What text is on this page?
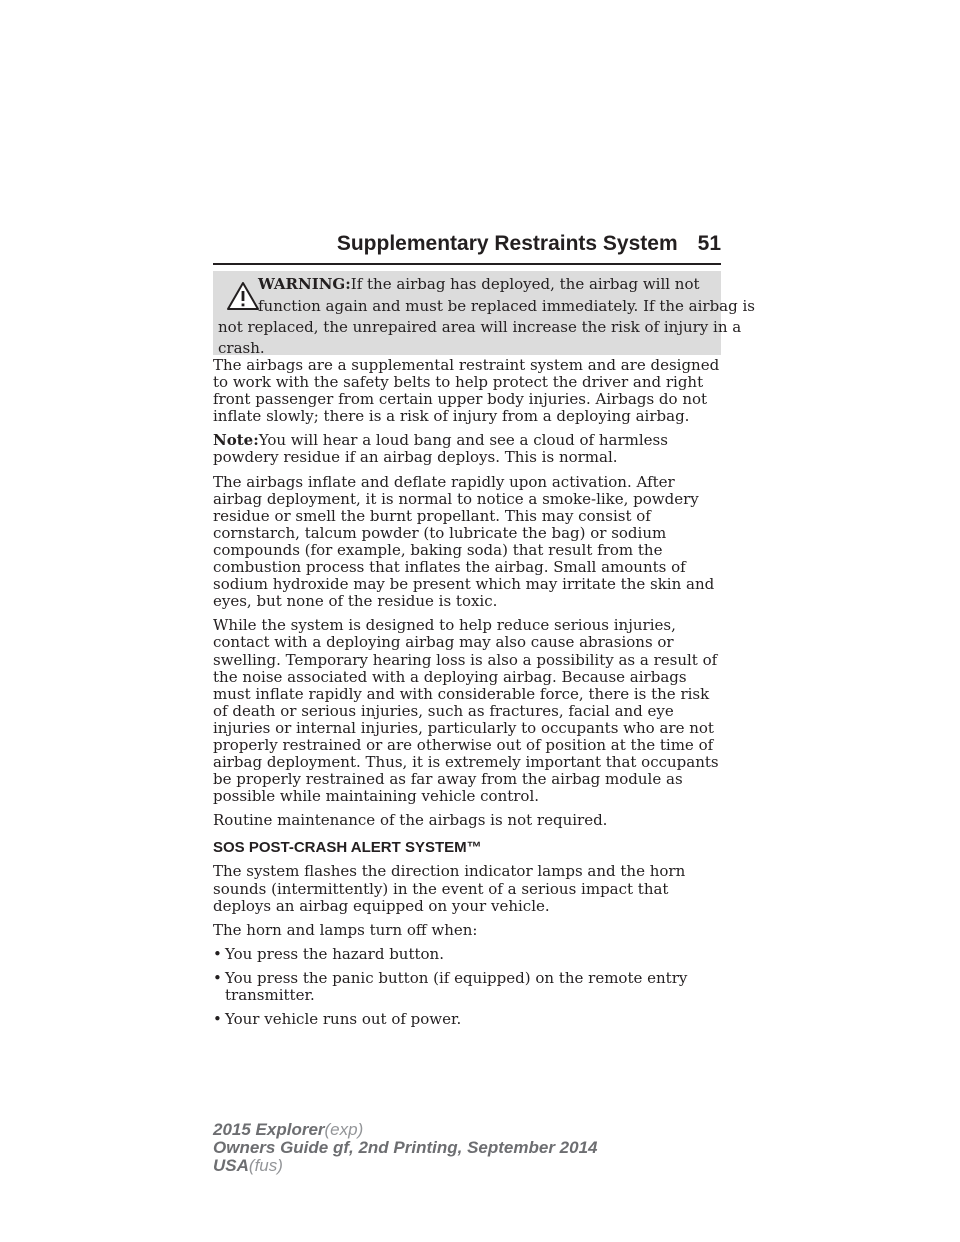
Supplementary Restraints System 51
WARNING:If the airbag has deployed, the airbag will not
function again and must be replaced immediately. If the airbag is
not replaced, the unrepaired area will increase the risk of injury in a
crash.

The airbags are a supplemental restraint system and are designed to work with the safety belts to help protect the driver and right front passenger from certain upper body injuries. Airbags do not inflate slowly; there is a risk of injury from a deploying airbag.

Note:You will hear a loud bang and see a cloud of harmless powdery residue if an airbag deploys. This is normal.

The airbags inflate and deflate rapidly upon activation. After airbag deployment, it is normal to notice a smoke-like, powdery residue or smell the burnt propellant. This may consist of cornstarch, talcum powder (to lubricate the bag) or sodium compounds (for example, baking soda) that result from the combustion process that inflates the airbag. Small amounts of sodium hydroxide may be present which may irritate the skin and eyes, but none of the residue is toxic.

While the system is designed to help reduce serious injuries, contact with a deploying airbag may also cause abrasions or swelling. Temporary hearing loss is also a possibility as a result of the noise associated with a deploying airbag. Because airbags must inflate rapidly and with considerable force, there is the risk of death or serious injuries, such as fractures, facial and eye injuries or internal injuries, particularly to occupants who are not properly restrained or are otherwise out of position at the time of airbag deployment. Thus, it is extremely important that occupants be properly restrained as far away from the airbag module as possible while maintaining vehicle control.

Routine maintenance of the airbags is not required.

SOS POST-CRASH ALERT SYSTEM™

The system flashes the direction indicator lamps and the horn sounds (intermittently) in the event of a serious impact that deploys an airbag equipped on your vehicle.

The horn and lamps turn off when:

• You press the hazard button.
• You press the panic button (if equipped) on the remote entry transmitter.
• Your vehicle runs out of power.
2015 Explorer(exp)
Owners Guide gf, 2nd Printing, September 2014
USA(fus)
